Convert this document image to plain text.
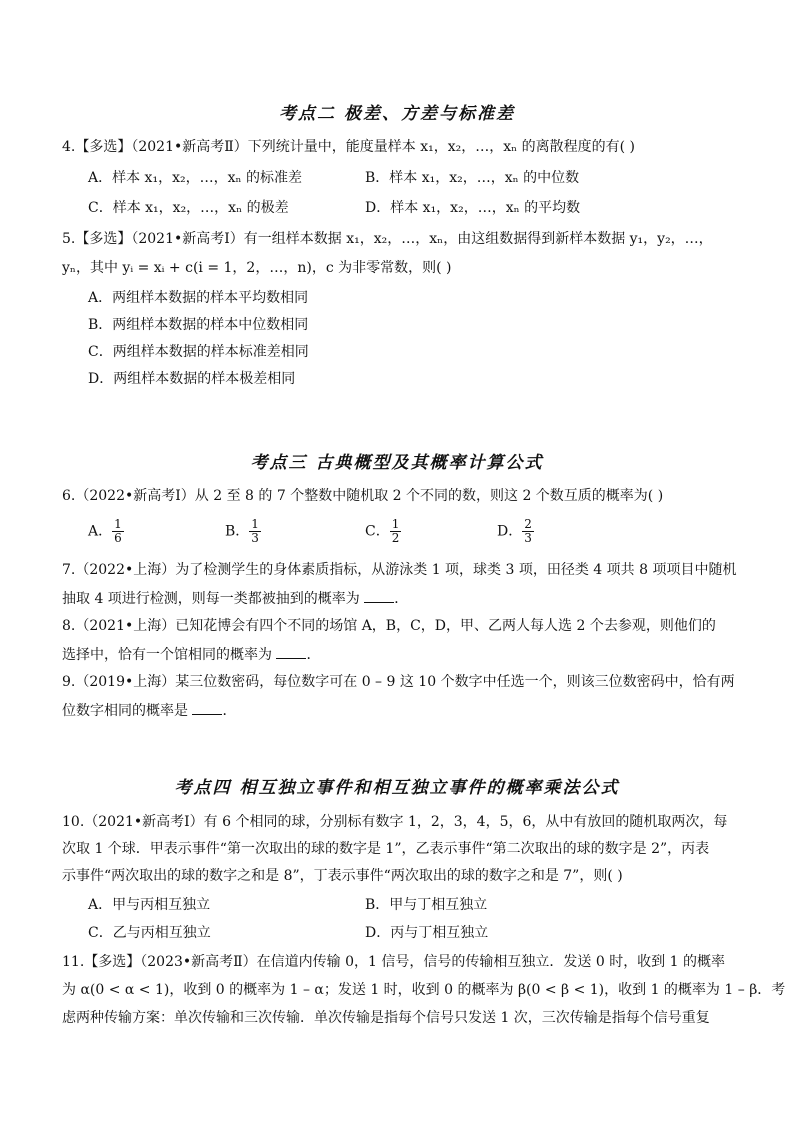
考点二 极差、方差与标准差
4.【多选】（2021•新高考Ⅱ）下列统计量中，能度量样本 x₁，x₂，…，xₙ 的离散程度的有( )
A．样本 x₁，x₂，…，xₙ 的标准差	B．样本 x₁，x₂，…，xₙ 的中位数
C．样本 x₁，x₂，…，xₙ 的极差	D．样本 x₁，x₂，…，xₙ 的平均数
5.【多选】（2021•新高考Ⅰ）有一组样本数据 x₁，x₂，…，xₙ，由这组数据得到新样本数据 y₁，y₂，…，
yₙ，其中 yᵢ = xᵢ + c(i = 1，2，…，n)，c 为非零常数，则( )
A．两组样本数据的样本平均数相同
B．两组样本数据的样本中位数相同
C．两组样本数据的样本标准差相同
D．两组样本数据的样本极差相同
考点三 古典概型及其概率计算公式
6.（2022•新高考Ⅰ）从 2 至 8 的 7 个整数中随机取 2 个不同的数，则这 2 个数互质的概率为( )
A． $\frac{1}{6}$	B． $\frac{1}{3}$	C． $\frac{1}{2}$	D． $\frac{2}{3}$
7.（2022•上海）为了检测学生的身体素质指标，从游泳类 1 项，球类 3 项，田径类 4 项共 8 项项目中随机
抽取 4 项进行检测，则每一类都被抽到的概率为 ．
8.（2021•上海）已知花博会有四个不同的场馆 A，B，C，D，甲、乙两人每人选 2 个去参观，则他们的
选择中，恰有一个馆相同的概率为 ．
9.（2019•上海）某三位数密码，每位数字可在 0 – 9 这 10 个数字中任选一个，则该三位数密码中，恰有两
位数字相同的概率是 ．
考点四 相互独立事件和相互独立事件的概率乘法公式
10.（2021•新高考Ⅰ）有 6 个相同的球，分别标有数字 1，2，3，4，5，6，从中有放回的随机取两次，每
次取 1 个球．甲表示事件“第一次取出的球的数字是 1”，乙表示事件“第二次取出的球的数字是 2”，丙表
示事件“两次取出的球的数字之和是 8”，丁表示事件“两次取出的球的数字之和是 7”，则( )
A．甲与丙相互独立	B．甲与丁相互独立
C．乙与丙相互独立	D．丙与丁相互独立
11.【多选】（2023•新高考Ⅱ）在信道内传输 0，1 信号，信号的传输相互独立．发送 0 时，收到 1 的概率
为 α(0 < α < 1)，收到 0 的概率为 1 – α；发送 1 时，收到 0 的概率为 β(0 < β < 1)，收到 1 的概率为 1 – β．考
虑两种传输方案：单次传输和三次传输．单次传输是指每个信号只发送 1 次，三次传输是指每个信号重复
